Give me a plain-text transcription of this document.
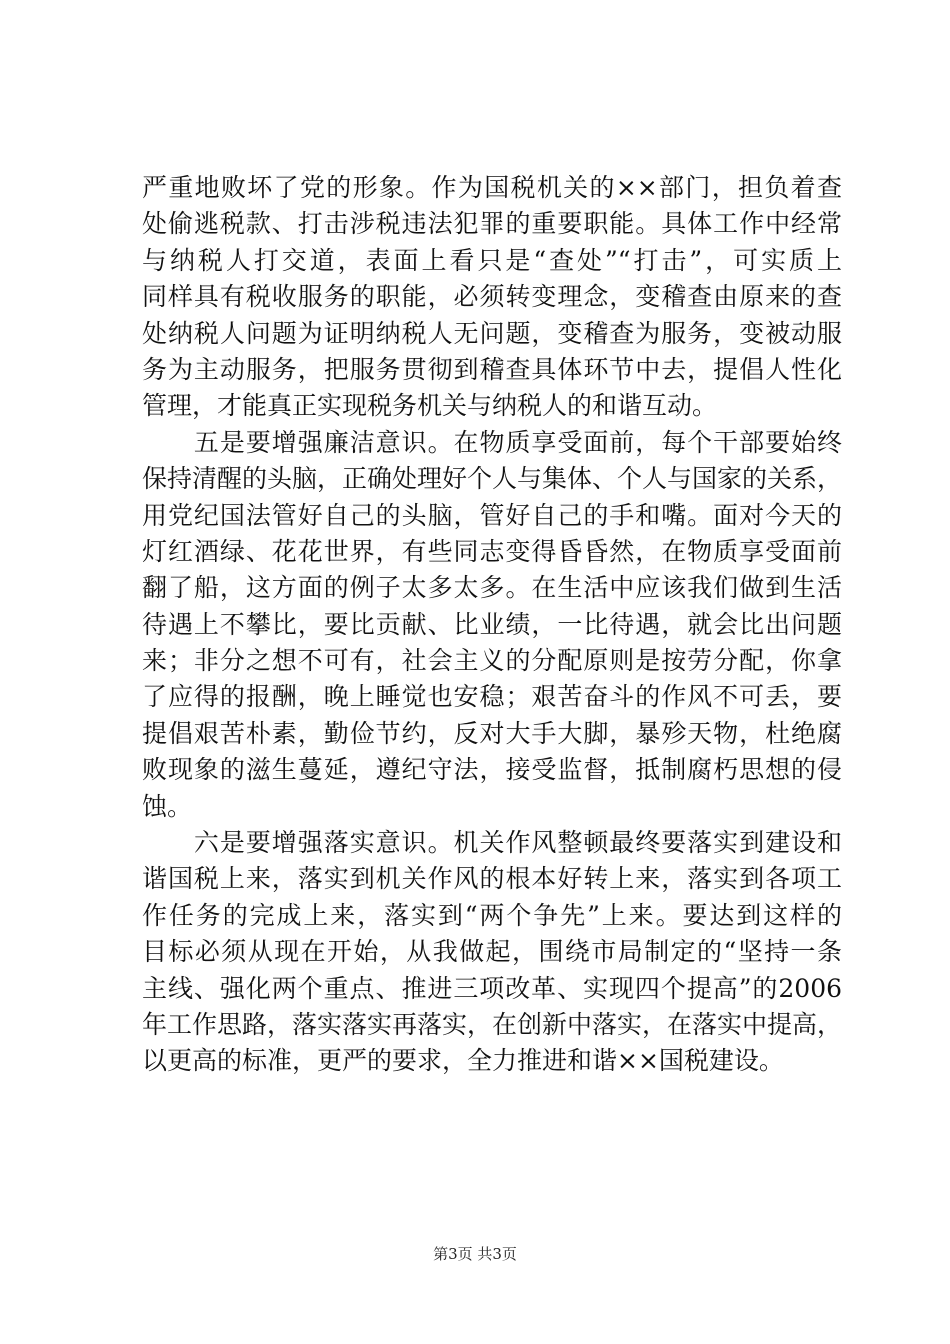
严重地败坏了党的形象。作为国税机关的××部门，担负着查
处偷逃税款、打击涉税违法犯罪的重要职能。具体工作中经常
与纳税人打交道，表面上看只是“查处”“打击”，可实质上
同样具有税收服务的职能，必须转变理念，变稽查由原来的查
处纳税人问题为证明纳税人无问题，变稽查为服务，变被动服
务为主动服务，把服务贯彻到稽查具体环节中去，提倡人性化
管理，才能真正实现税务机关与纳税人的和谐互动。
　　五是要增强廉洁意识。在物质享受面前，每个干部要始终
保持清醒的头脑，正确处理好个人与集体、个人与国家的关系，
用党纪国法管好自己的头脑，管好自己的手和嘴。面对今天的
灯红酒绿、花花世界，有些同志变得昏昏然，在物质享受面前
翻了船，这方面的例子太多太多。在生活中应该我们做到生活
待遇上不攀比，要比贡献、比业绩，一比待遇，就会比出问题
来；非分之想不可有，社会主义的分配原则是按劳分配，你拿
了应得的报酬，晚上睡觉也安稳；艰苦奋斗的作风不可丢，要
提倡艰苦朴素，勤俭节约，反对大手大脚，暴殄天物，杜绝腐
败现象的滋生蔓延，遵纪守法，接受监督，抵制腐朽思想的侵
蚀。
　　六是要增强落实意识。机关作风整顿最终要落实到建设和
谐国税上来，落实到机关作风的根本好转上来，落实到各项工
作任务的完成上来，落实到“两个争先”上来。要达到这样的
目标必须从现在开始，从我做起，围绕市局制定的“坚持一条
主线、强化两个重点、推进三项改革、实现四个提高”的2006
年工作思路，落实落实再落实，在创新中落实，在落实中提高，
以更高的标准，更严的要求，全力推进和谐××国税建设。
第3页 共3页
